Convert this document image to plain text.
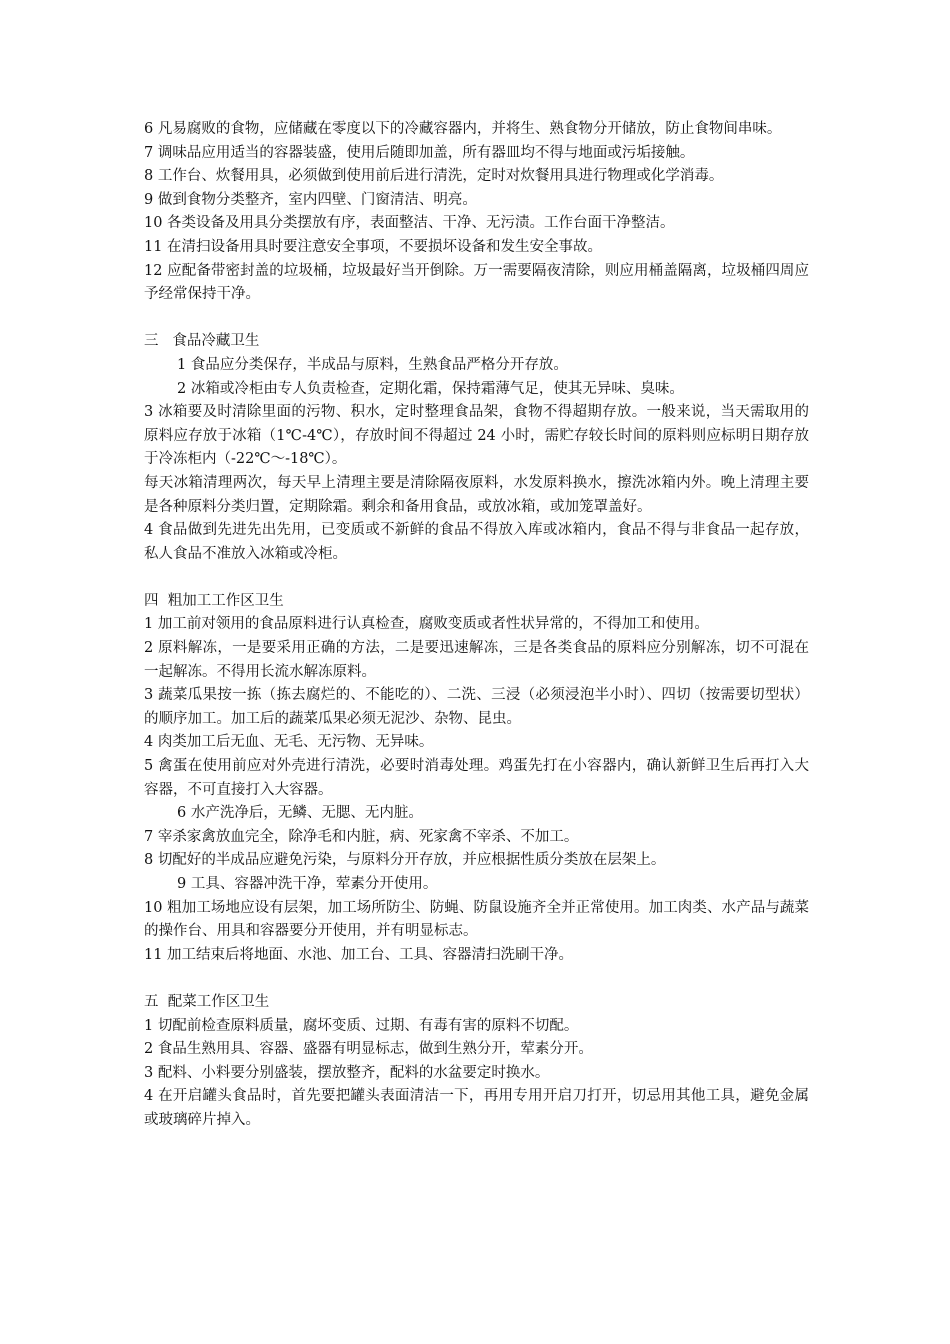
6 凡易腐败的食物，应储藏在零度以下的冷藏容器内，并将生、熟食物分开储放，防止食物间串味。

7 调味品应用适当的容器装盛，使用后随即加盖，所有器皿均不得与地面或污垢接触。

8 工作台、炊餐用具，必须做到使用前后进行清洗，定时对炊餐用具进行物理或化学消毒。

9 做到食物分类整齐，室内四壁、门窗清洁、明亮。

10 各类设备及用具分类摆放有序，表面整洁、干净、无污渍。工作台面干净整洁。

11 在清扫设备用具时要注意安全事项，不要损坏设备和发生安全事故。

12 应配备带密封盖的垃圾桶，垃圾最好当开倒除。万一需要隔夜清除，则应用桶盖隔离，垃圾桶四周应予经常保持干净。

三   食品冷藏卫生

1 食品应分类保存，半成品与原料，生熟食品严格分开存放。

2 冰箱或冷柜由专人负责检查，定期化霜，保持霜薄气足，使其无异味、臭味。

3 冰箱要及时清除里面的污物、积水，定时整理食品架，食物不得超期存放。一般来说，当天需取用的原料应存放于冰箱（1℃-4℃），存放时间不得超过 24 小时，需贮存较长时间的原料则应标明日期存放于冷冻柜内（-22℃～-18℃）。

每天冰箱清理两次，每天早上清理主要是清除隔夜原料，水发原料换水，擦洗冰箱内外。晚上清理主要是各种原料分类归置，定期除霜。剩余和备用食品，或放冰箱，或加笼罩盖好。

4 食品做到先进先出先用，已变质或不新鲜的食品不得放入库或冰箱内，食品不得与非食品一起存放，私人食品不准放入冰箱或冷柜。

四  粗加工工作区卫生

1 加工前对领用的食品原料进行认真检查，腐败变质或者性状异常的，不得加工和使用。

2 原料解冻，一是要采用正确的方法，二是要迅速解冻，三是各类食品的原料应分别解冻，切不可混在一起解冻。不得用长流水解冻原料。

3 蔬菜瓜果按一拣（拣去腐烂的、不能吃的）、二洗、三浸（必须浸泡半小时）、四切（按需要切型状）的顺序加工。加工后的蔬菜瓜果必须无泥沙、杂物、昆虫。

4 肉类加工后无血、无毛、无污物、无异味。

5 禽蛋在使用前应对外壳进行清洗，必要时消毒处理。鸡蛋先打在小容器内，确认新鲜卫生后再打入大容器，不可直接打入大容器。

6 水产洗净后，无鳞、无腮、无内脏。

7 宰杀家禽放血完全，除净毛和内脏，病、死家禽不宰杀、不加工。

8 切配好的半成品应避免污染，与原料分开存放，并应根据性质分类放在层架上。

9 工具、容器冲洗干净，荤素分开使用。

10 粗加工场地应设有层架，加工场所防尘、防蝇、防鼠设施齐全并正常使用。加工肉类、水产品与蔬菜的操作台、用具和容器要分开使用，并有明显标志。

11 加工结束后将地面、水池、加工台、工具、容器清扫洗刷干净。

五  配菜工作区卫生

1 切配前检查原料质量，腐坏变质、过期、有毒有害的原料不切配。

2 食品生熟用具、容器、盛器有明显标志，做到生熟分开，荤素分开。

3 配料、小料要分别盛装，摆放整齐，配料的水盆要定时换水。

4 在开启罐头食品时，首先要把罐头表面清洁一下，再用专用开启刀打开，切忌用其他工具，避免金属或玻璃碎片掉入。
